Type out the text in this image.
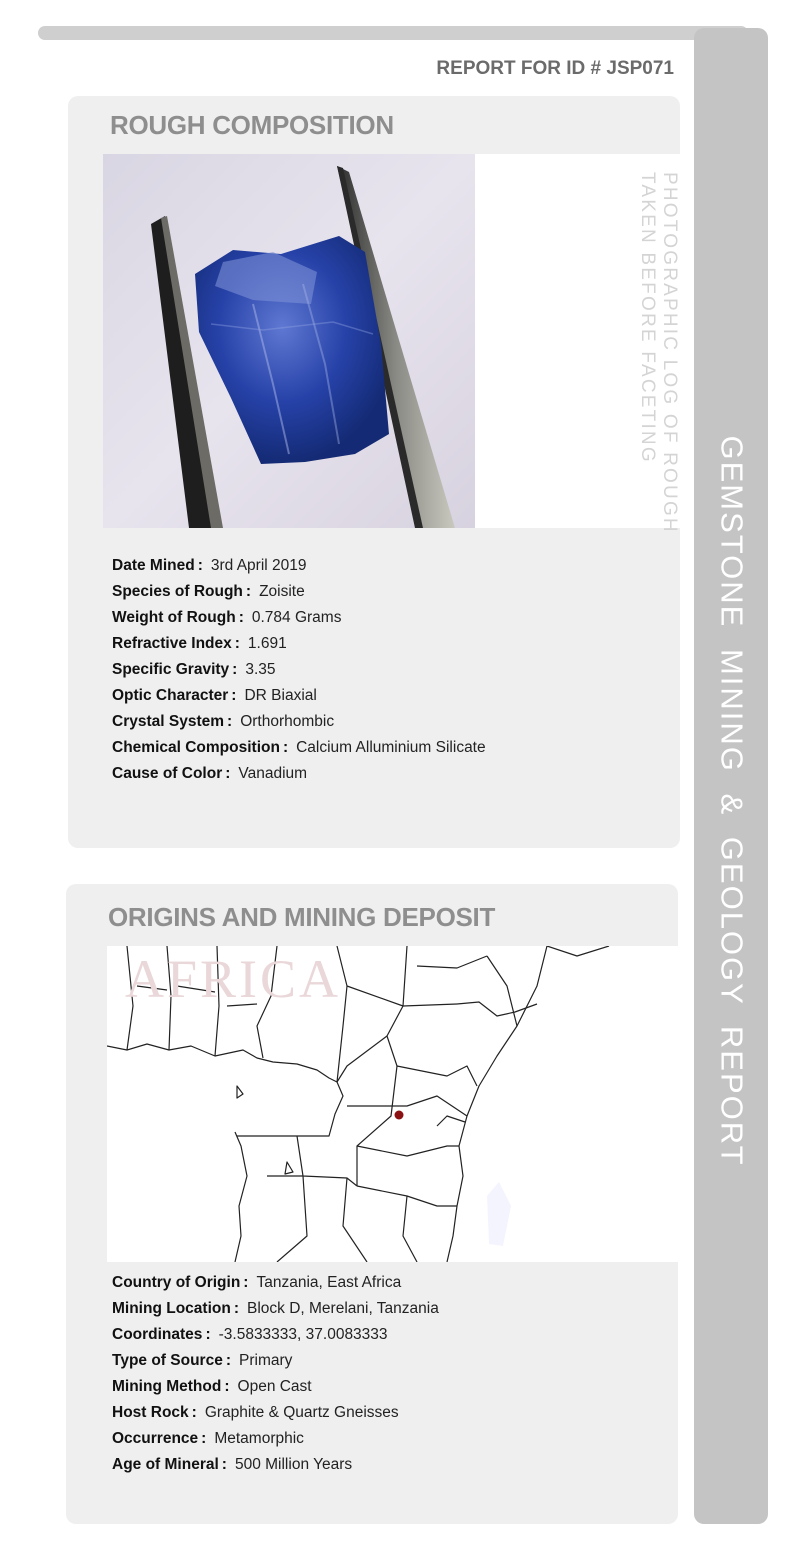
GEMSTONE MINING & GEOLOGY REPORT
REPORT FOR ID # JSP071
ROUGH COMPOSITION
PHOTOGRAPHIC LOG OF ROUGH
TAKEN BEFORE FACETING
Date Mined : 3rd April 2019
Species of Rough : Zoisite
Weight of Rough : 0.784 Grams
Refractive Index : 1.691
Specific Gravity : 3.35
Optic Character : DR Biaxial
Crystal System : Orthorhombic
Chemical Composition : Calcium Alluminium Silicate
Cause of Color : Vanadium
ORIGINS AND MINING DEPOSIT
AFRICA
Country of Origin : Tanzania, East Africa
Mining Location : Block D, Merelani, Tanzania
Coordinates : -3.5833333, 37.0083333
Type of Source : Primary
Mining Method : Open Cast
Host Rock : Graphite & Quartz Gneisses
Occurrence : Metamorphic
Age of Mineral : 500 Million Years
